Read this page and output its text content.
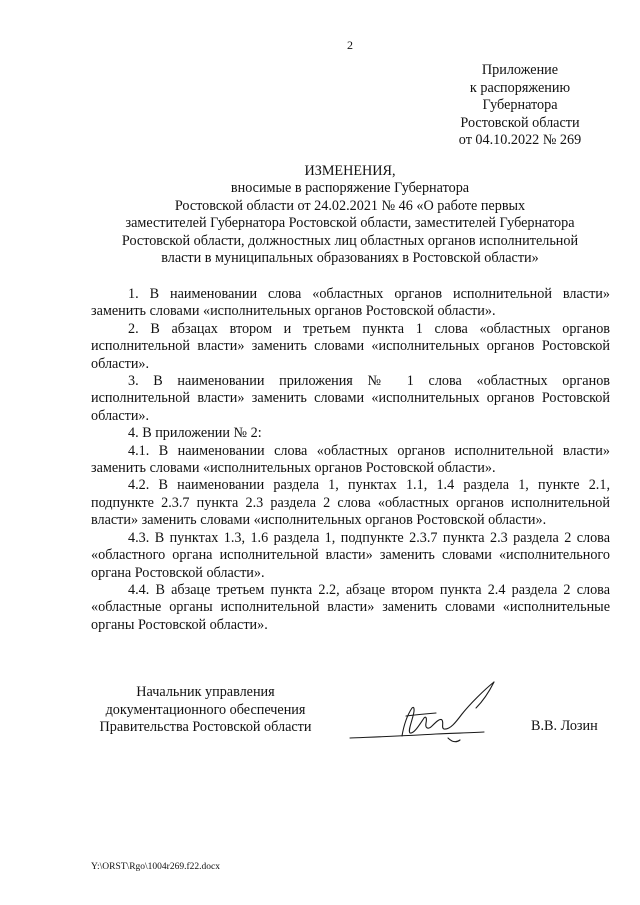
2
Приложение
к распоряжению
Губернатора
Ростовской области
от 04.10.2022 № 269
ИЗМЕНЕНИЯ,
вносимые в распоряжение Губернатора
Ростовской области от 24.02.2021 № 46 «О работе первых
заместителей Губернатора Ростовской области, заместителей Губернатора
Ростовской области, должностных лиц областных органов исполнительной
власти в муниципальных образованиях в Ростовской области»

1. В наименовании слова «областных органов исполнительной власти» заменить словами «исполнительных органов Ростовской области».

2. В абзацах втором и третьем пункта 1 слова «областных органов исполнительной власти» заменить словами «исполнительных органов Ростовской области».

3. В наименовании приложения № 1 слова «областных органов исполнительной власти» заменить словами «исполнительных органов Ростовской области».

4. В приложении № 2:

4.1. В наименовании слова «областных органов исполнительной власти» заменить словами «исполнительных органов Ростовской области».

4.2. В наименовании раздела 1, пунктах 1.1, 1.4 раздела 1, пункте 2.1, подпункте 2.3.7 пункта 2.3 раздела 2 слова «областных органов исполнительной власти» заменить словами «исполнительных органов Ростовской области».

4.3. В пунктах 1.3, 1.6 раздела 1, подпункте 2.3.7 пункта 2.3 раздела 2 слова «областного органа исполнительной власти» заменить словами «исполнительного органа Ростовской области».

4.4. В абзаце третьем пункта 2.2, абзаце втором пункта 2.4 раздела 2 слова «областные органы исполнительной власти» заменить словами «исполнительные органы Ростовской области».

Начальник управления
документационного обеспечения
Правительства Ростовской области	В.В. Лозин
Y:\ORST\Rgo\1004r269.f22.docx
